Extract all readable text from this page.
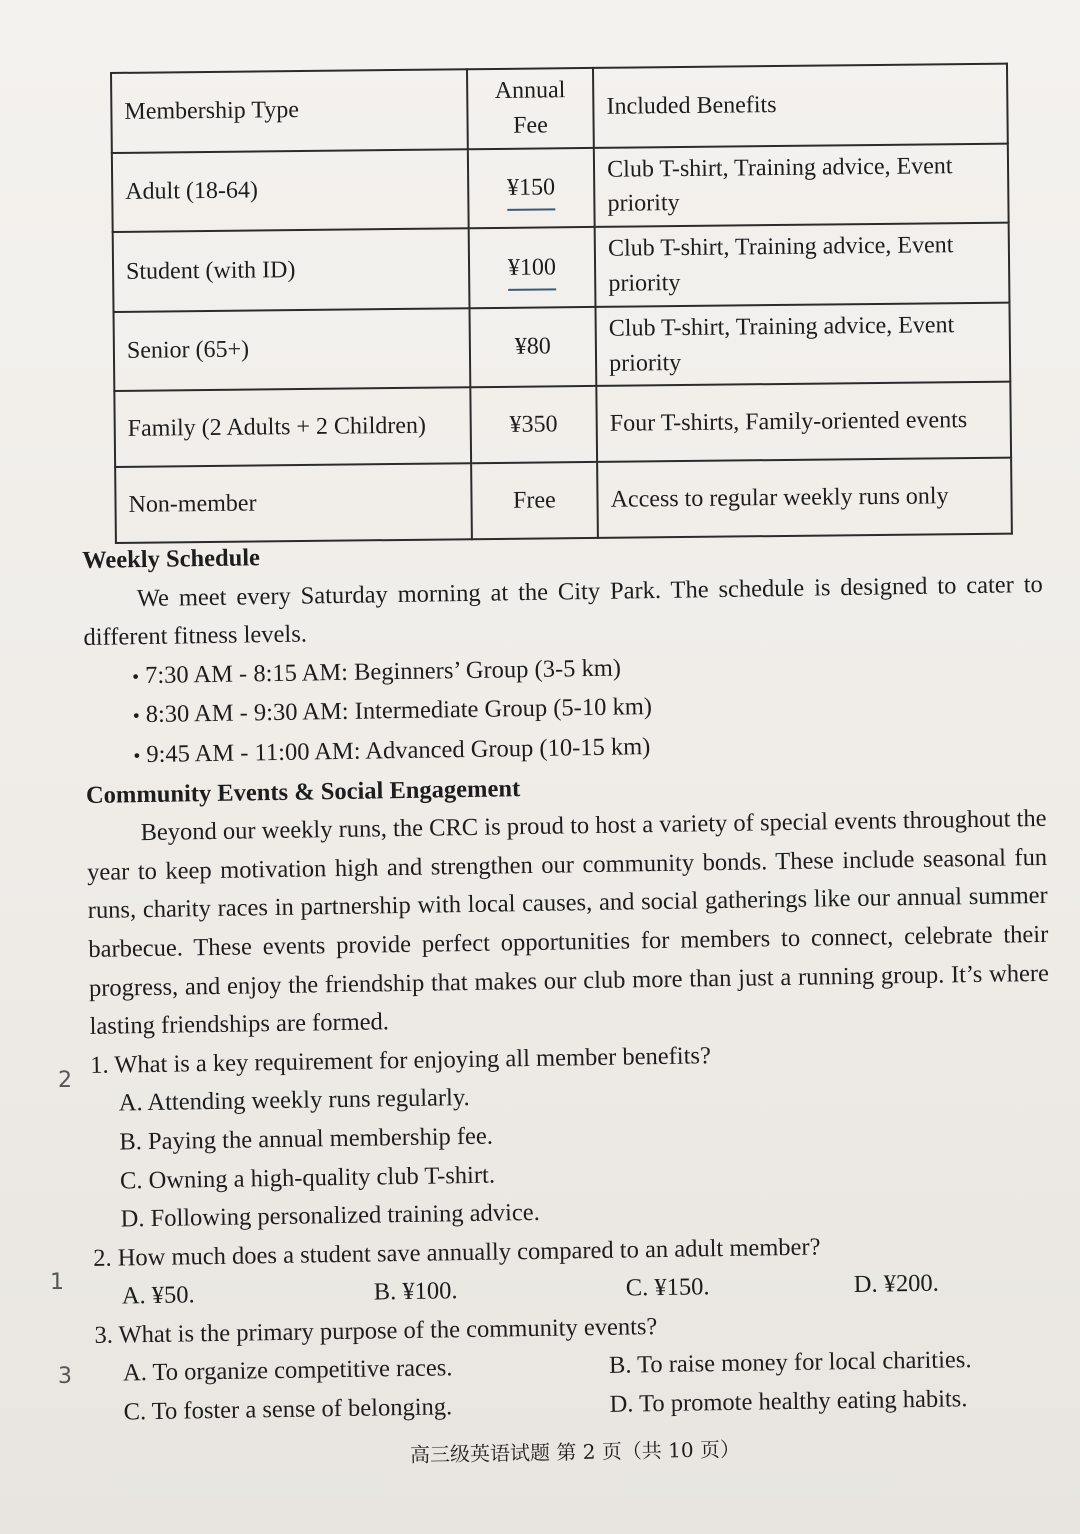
Membership Type	Annual Fee	Included Benefits
Adult (18-64)	¥150	Club T-shirt, Training advice, Event priority
Student (with ID)	¥100	Club T-shirt, Training advice, Event priority
Senior (65+)	¥80	Club T-shirt, Training advice, Event priority
Family (2 Adults + 2 Children)	¥350	Four T-shirts, Family-oriented events
Non-member	Free	Access to regular weekly runs only
Weekly Schedule
We meet every Saturday morning at the City Park. The schedule is designed to cater to different fitness levels.
• 7:30 AM - 8:15 AM: Beginners’ Group (3-5 km)
• 8:30 AM - 9:30 AM: Intermediate Group (5-10 km)
• 9:45 AM - 11:00 AM: Advanced Group (10-15 km)
Community Events & Social Engagement
Beyond our weekly runs, the CRC is proud to host a variety of special events throughout the year to keep motivation high and strengthen our community bonds. These include seasonal fun runs, charity races in partnership with local causes, and social gatherings like our annual summer barbecue. These events provide perfect opportunities for members to connect, celebrate their progress, and enjoy the friendship that makes our club more than just a running group. It’s where lasting friendships are formed.
1. What is a key requirement for enjoying all member benefits?
A. Attending weekly runs regularly.
B. Paying the annual membership fee.
C. Owning a high-quality club T-shirt.
D. Following personalized training advice.
2. How much does a student save annually compared to an adult member?
A. ¥50.	B. ¥100.	C. ¥150.	D. ¥200.
3. What is the primary purpose of the community events?
A. To organize competitive races.	B. To raise money for local charities.
C. To foster a sense of belonging.	D. To promote healthy eating habits.
2
1
3
高三级英语试题 第 2 页（共 10 页）
